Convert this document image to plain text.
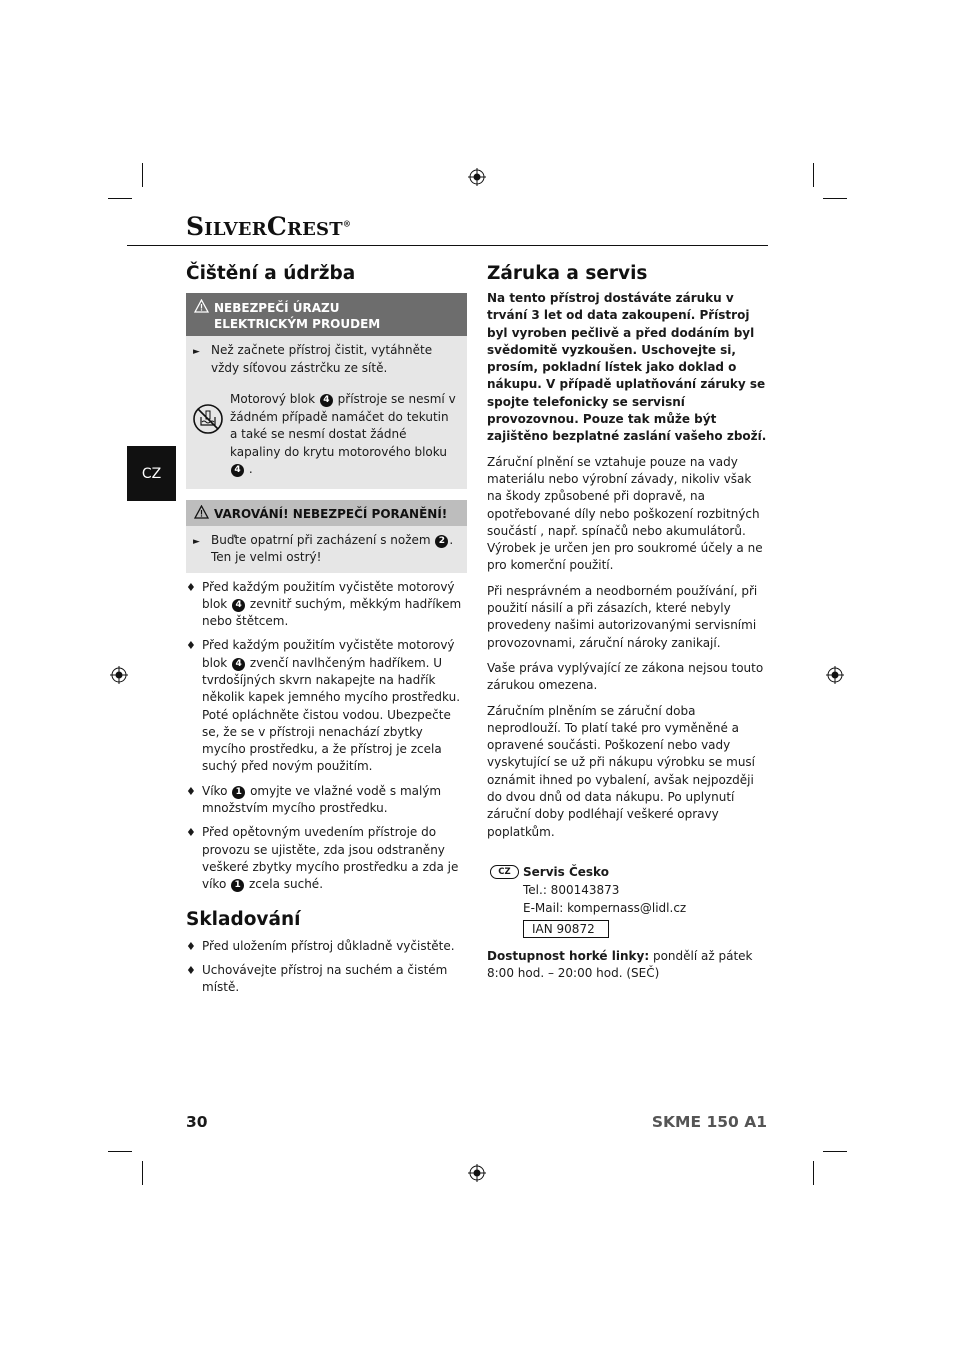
SILVERCREST®
CZ
Čištění a údržba
NEBEZPEČÍ ÚRAZU
ELEKTRICKÝM PROUDEM
► Než začnete přístroj čistit, vytáhněte vždy síťovou zástrčku ze sítě.
Motorový blok 4 přístroje se nesmí v žádném případě namáčet do tekutin a také se nesmí dostat žádné kapaliny do krytu motorového bloku 4 .
VAROVÁNÍ! NEBEZPEČÍ PORANĚNÍ!
► Buďte opatrní při zacházení s nožem 2 . Ten je velmi ostrý!
♦ Před každým použitím vyčistěte motorový blok 4 zevnitř suchým, měkkým hadříkem nebo štětcem.
♦ Před každým použitím vyčistěte motorový blok 4 zvenčí navlhčeným hadříkem. U tvrdošíjných skvrn nakapejte na hadřík několik kapek jemného mycího prostředku. Poté opláchněte čistou vodou. Ubezpečte se, že se v přístroji nenachází zbytky mycího prostředku, a že přístroj je zcela suchý před novým použitím.
♦ Víko 1 omyjte ve vlažné vodě s malým množstvím mycího prostředku.
♦ Před opětovným uvedením přístroje do provozu se ujistěte, zda jsou odstraněny veškeré zbytky mycího prostředku a zda je víko 1 zcela suché.
Skladování
♦ Před uložením přístroj důkladně vyčistěte.
♦ Uchovávejte přístroj na suchém a čistém místě.
Záruka a servis

Na tento přístroj dostáváte záruku v trvání 3 let od data zakoupení. Přístroj byl vyroben pečlivě a před dodáním byl svědomitě vyzkoušen. Uschovejte si, prosím, pokladní lístek jako doklad o nákupu. V případě uplatňování záruky se spojte telefonicky se servisní provozovnou. Pouze tak může být zajištěno bezplatné zaslání vašeho zboží.

Záruční plnění se vztahuje pouze na vady materiálu nebo výrobní závady, nikoliv však na škody způsobené při dopravě, na opotřebované díly nebo poškození rozbitných součástí , např. spínačů nebo akumulátorů. Výrobek je určen jen pro soukromé účely a ne pro komerční použití.

Při nesprávném a neodborném používání, při použití násilí a při zásazích, které nebyly provedeny našimi autorizovanými servisními provozovnami, záruční nároky zanikají.

Vaše práva vyplývající ze zákona nejsou touto zárukou omezena.

Záručním plněním se záruční doba neprodlouží. To platí také pro vyměněné a opravené součásti. Poškození nebo vady vyskytující se už při nákupu výrobku se musí oznámit ihned po vybalení, avšak nejpozději do dvou dnů od data nákupu. Po uplynutí záruční doby podléhají veškeré opravy poplatkům.

CZ	Servis Česko
Tel.: 800143873
E-Mail: kompernass@lidl.cz
IAN 90872

Dostupnost horké linky: pondělí až pátek 8:00 hod. – 20:00 hod. (SEČ)

30	SKME 150 A1
